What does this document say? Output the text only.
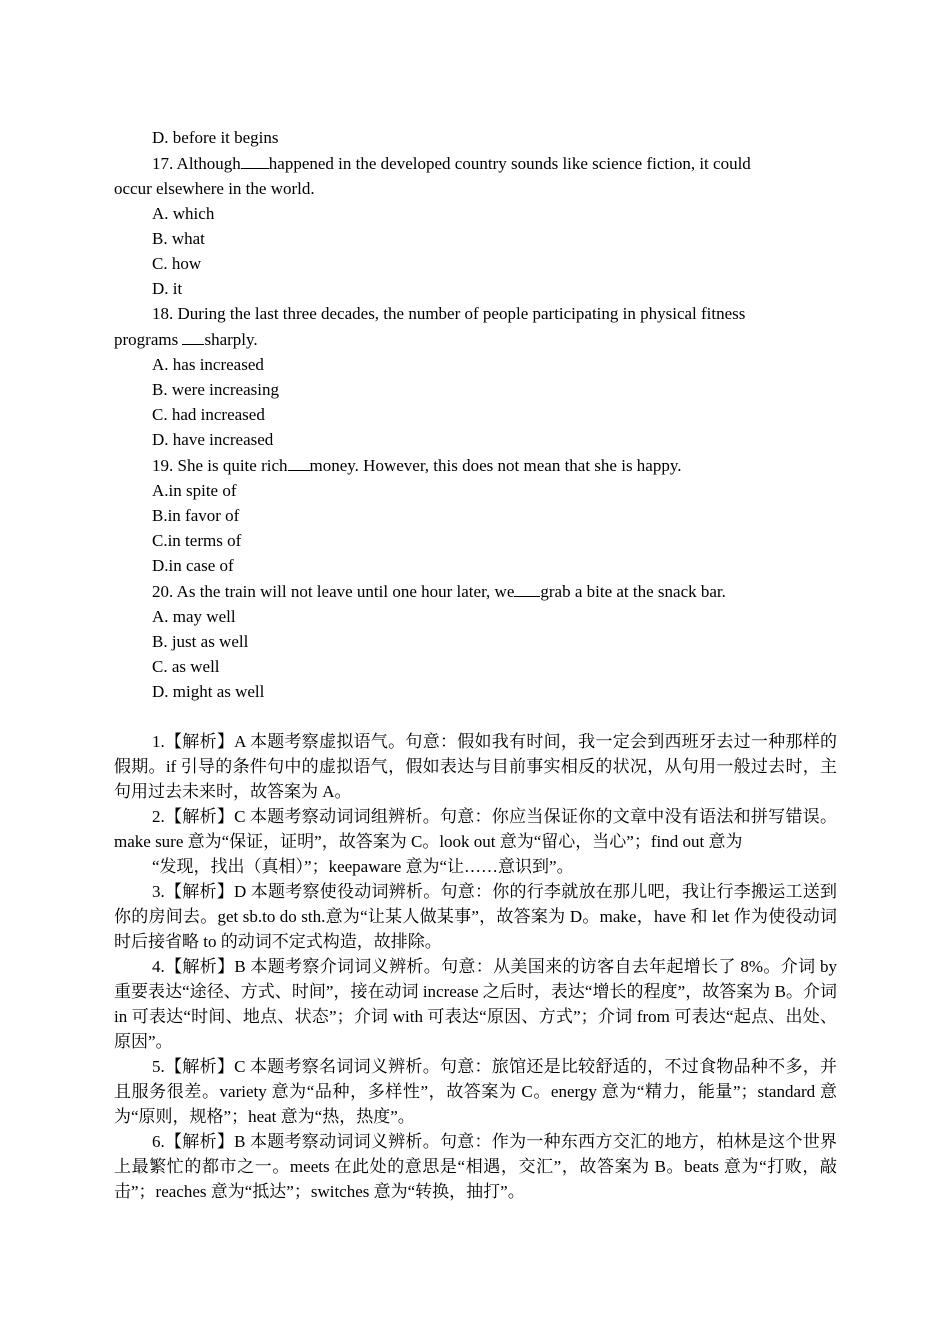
D. before it begins

17. Although happened in the developed country sounds like science fiction, it could

occur elsewhere in the world.

A. which

B. what

C. how

D. it

18. During the last three decades, the number of people participating in physical fitness

programs sharply.

A. has increased

B. were increasing

C. had increased

D. have increased

19. She is quite rich money. However, this does not mean that she is happy.

A.in spite of

B.in favor of

C.in terms of

D.in case of

20. As the train will not leave until one hour later, we grab a bite at the snack bar.

A. may well

B. just as well

C. as well

D. might as well

1.【解析】A 本题考察虚拟语气。句意：假如我有时间，我一定会到西班牙去过一种那样的假期。if 引导的条件句中的虚拟语气，假如表达与目前事实相反的状况，从句用一般过去时，主句用过去未来时，故答案为 A。

2.【解析】C 本题考察动词词组辨析。句意：你应当保证你的文章中没有语法和拼写错误。make sure 意为“保证，证明”，故答案为 C。look out 意为“留心，当心”；find out 意为

“发现，找出（真相）”；keepaware 意为“让……意识到”。

3.【解析】D 本题考察使役动词辨析。句意：你的行李就放在那儿吧，我让行李搬运工送到你的房间去。get sb.to do sth.意为“让某人做某事”，故答案为 D。make，have 和 let 作为使役动词时后接省略 to 的动词不定式构造，故排除。

4.【解析】B 本题考察介词词义辨析。句意：从美国来的访客自去年起增长了 8%。介词 by 重要表达“途径、方式、时间”，接在动词 increase 之后时，表达“增长的程度”，故答案为 B。介词 in 可表达“时间、地点、状态”；介词 with 可表达“原因、方式”；介词 from 可表达“起点、出处、原因”。

5.【解析】C 本题考察名词词义辨析。句意：旅馆还是比较舒适的，不过食物品种不多，并且服务很差。variety 意为“品种，多样性”，故答案为 C。energy 意为“精力，能量”；standard 意为“原则，规格”；heat 意为“热，热度”。

6.【解析】B 本题考察动词词义辨析。句意：作为一种东西方交汇的地方，柏林是这个世界上最繁忙的都市之一。meets 在此处的意思是“相遇，交汇”，故答案为 B。beats 意为“打败，敲击”；reaches 意为“抵达”；switches 意为“转换，抽打”。
